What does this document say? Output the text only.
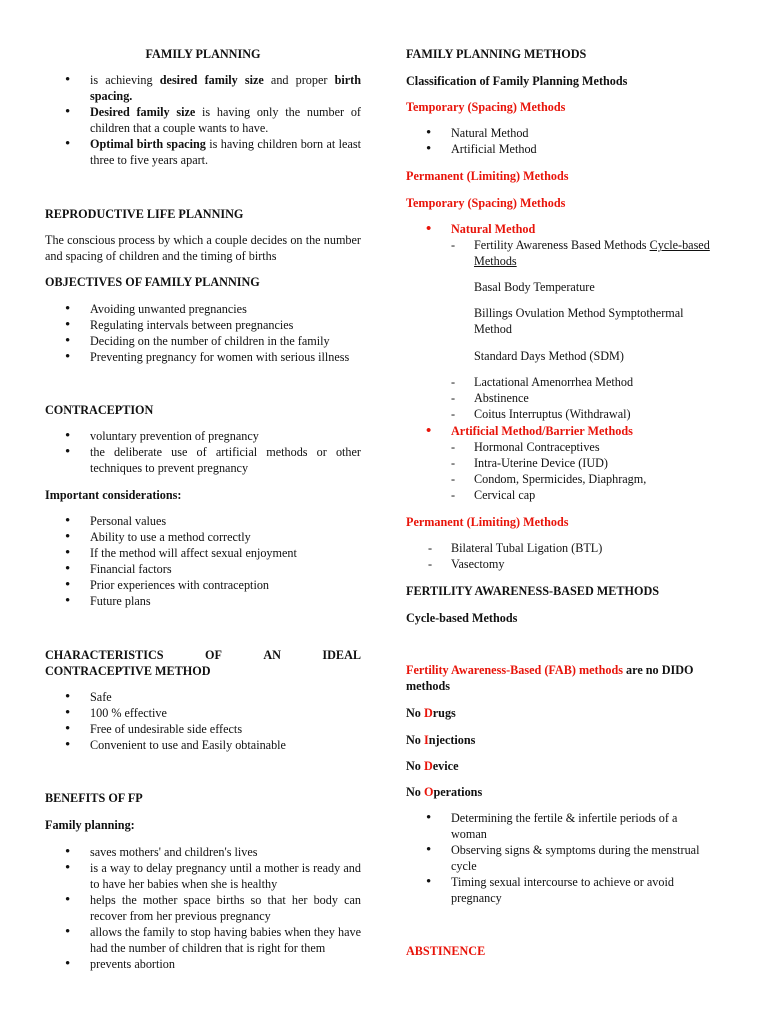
FAMILY PLANNING
• is achieving desired family size and proper birth spacing.
• Desired family size is having only the number of children that a couple wants to have.
• Optimal birth spacing is having children born at least three to five years apart.
REPRODUCTIVE LIFE PLANNING
The conscious process by which a couple decides on the number and spacing of children and the timing of births
OBJECTIVES OF FAMILY PLANNING
• Avoiding unwanted pregnancies
• Regulating intervals between pregnancies
• Deciding on the number of children in the family
• Preventing pregnancy for women with serious illness
CONTRACEPTION
• voluntary prevention of pregnancy
• the deliberate use of artificial methods or other techniques to prevent pregnancy
Important considerations:
• Personal values
• Ability to use a method correctly
• If the method will affect sexual enjoyment
• Financial factors
• Prior experiences with contraception
• Future plans
CHARACTERISTICS	OF	AN	IDEAL
CONTRACEPTIVE METHOD
• Safe
• 100 % effective
• Free of undesirable side effects
• Convenient to use and Easily obtainable
BENEFITS OF FP
Family planning:
• saves mothers' and children's lives
• is a way to delay pregnancy until a mother is ready and to have her babies when she is healthy
• helps the mother space births so that her body can recover from her previous pregnancy
• allows the family to stop having babies when they have had the number of children that is right for them
• prevents abortion
FAMILY PLANNING METHODS
Classification of Family Planning Methods
Temporary (Spacing) Methods
• Natural Method
• Artificial Method
Permanent (Limiting) Methods
Temporary (Spacing) Methods
• Natural Method
- Fertility Awareness Based Methods Cycle-based Methods
Basal Body Temperature
Billings Ovulation Method Symptothermal Method
Standard Days Method (SDM)
- Lactational Amenorrhea Method
- Abstinence
- Coitus Interruptus (Withdrawal)
• Artificial Method/Barrier Methods
- Hormonal Contraceptives
- Intra-Uterine Device (IUD)
- Condom, Spermicides, Diaphragm,
- Cervical cap
Permanent (Limiting) Methods
- Bilateral Tubal Ligation (BTL)
- Vasectomy
FERTILITY AWARENESS-BASED METHODS
Cycle-based Methods
Fertility Awareness-Based (FAB) methods are no DIDO methods
No Drugs
No Injections
No Device
No Operations
• Determining the fertile & infertile periods of a woman
• Observing signs & symptoms during the menstrual cycle
• Timing sexual intercourse to achieve or avoid pregnancy
ABSTINENCE
